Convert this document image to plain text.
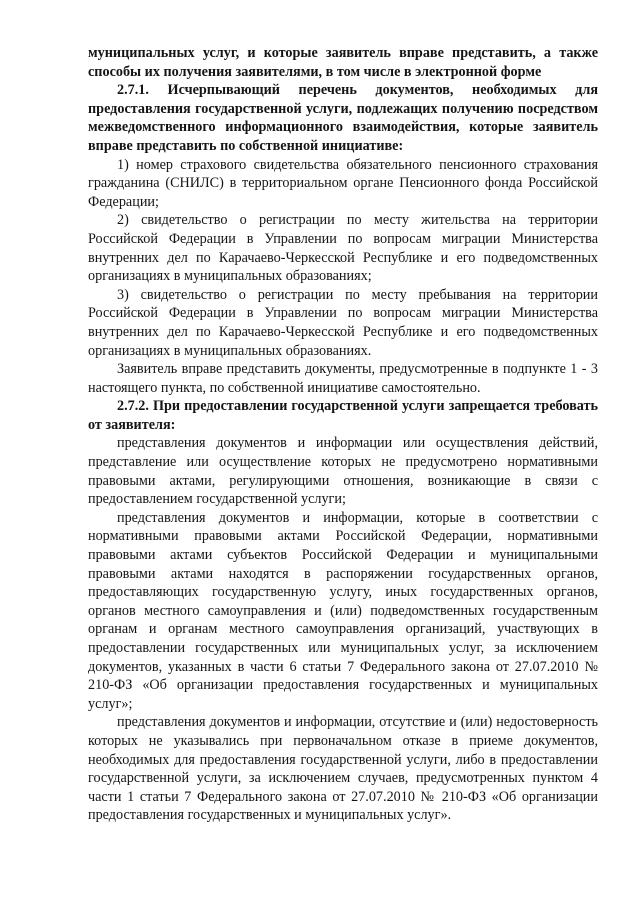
муниципальных услуг, и которые заявитель вправе представить, а также способы их получения заявителями, в том числе в электронной форме

2.7.1. Исчерпывающий перечень документов, необходимых для предоставления государственной услуги, подлежащих получению посредством межведомственного информационного взаимодействия, которые заявитель вправе представить по собственной инициативе:

1) номер страхового свидетельства обязательного пенсионного страхования гражданина (СНИЛС) в территориальном органе Пенсионного фонда Российской Федерации;

2) свидетельство о регистрации по месту жительства на территории Российской Федерации в Управлении по вопросам миграции Министерства внутренних дел по Карачаево-Черкесской Республике и его подведомственных организациях в муниципальных образованиях;

3) свидетельство о регистрации по месту пребывания на территории Российской Федерации в Управлении по вопросам миграции Министерства внутренних дел по Карачаево-Черкесской Республике и его подведомственных организациях в муниципальных образованиях.

Заявитель вправе представить документы, предусмотренные в подпункте 1 - 3 настоящего пункта, по собственной инициативе самостоятельно.

2.7.2. При предоставлении государственной услуги запрещается требовать от заявителя:

представления документов и информации или осуществления действий, представление или осуществление которых не предусмотрено нормативными правовыми актами, регулирующими отношения, возникающие в связи с предоставлением государственной услуги;

представления документов и информации, которые в соответствии с нормативными правовыми актами Российской Федерации, нормативными правовыми актами субъектов Российской Федерации и муниципальными правовыми актами находятся в распоряжении государственных органов, предоставляющих государственную услугу, иных государственных органов, органов местного самоуправления и (или) подведомственных государственным органам и органам местного самоуправления организаций, участвующих в предоставлении государственных или муниципальных услуг, за исключением документов, указанных в части 6 статьи 7 Федерального закона от 27.07.2010 № 210-ФЗ «Об организации предоставления государственных и муниципальных услуг»;

представления документов и информации, отсутствие и (или) недостоверность которых не указывались при первоначальном отказе в приеме документов, необходимых для предоставления государственной услуги, либо в предоставлении государственной услуги, за исключением случаев, предусмотренных пунктом 4 части 1 статьи 7 Федерального закона от 27.07.2010 № 210-ФЗ «Об организации предоставления государственных и муниципальных услуг».
